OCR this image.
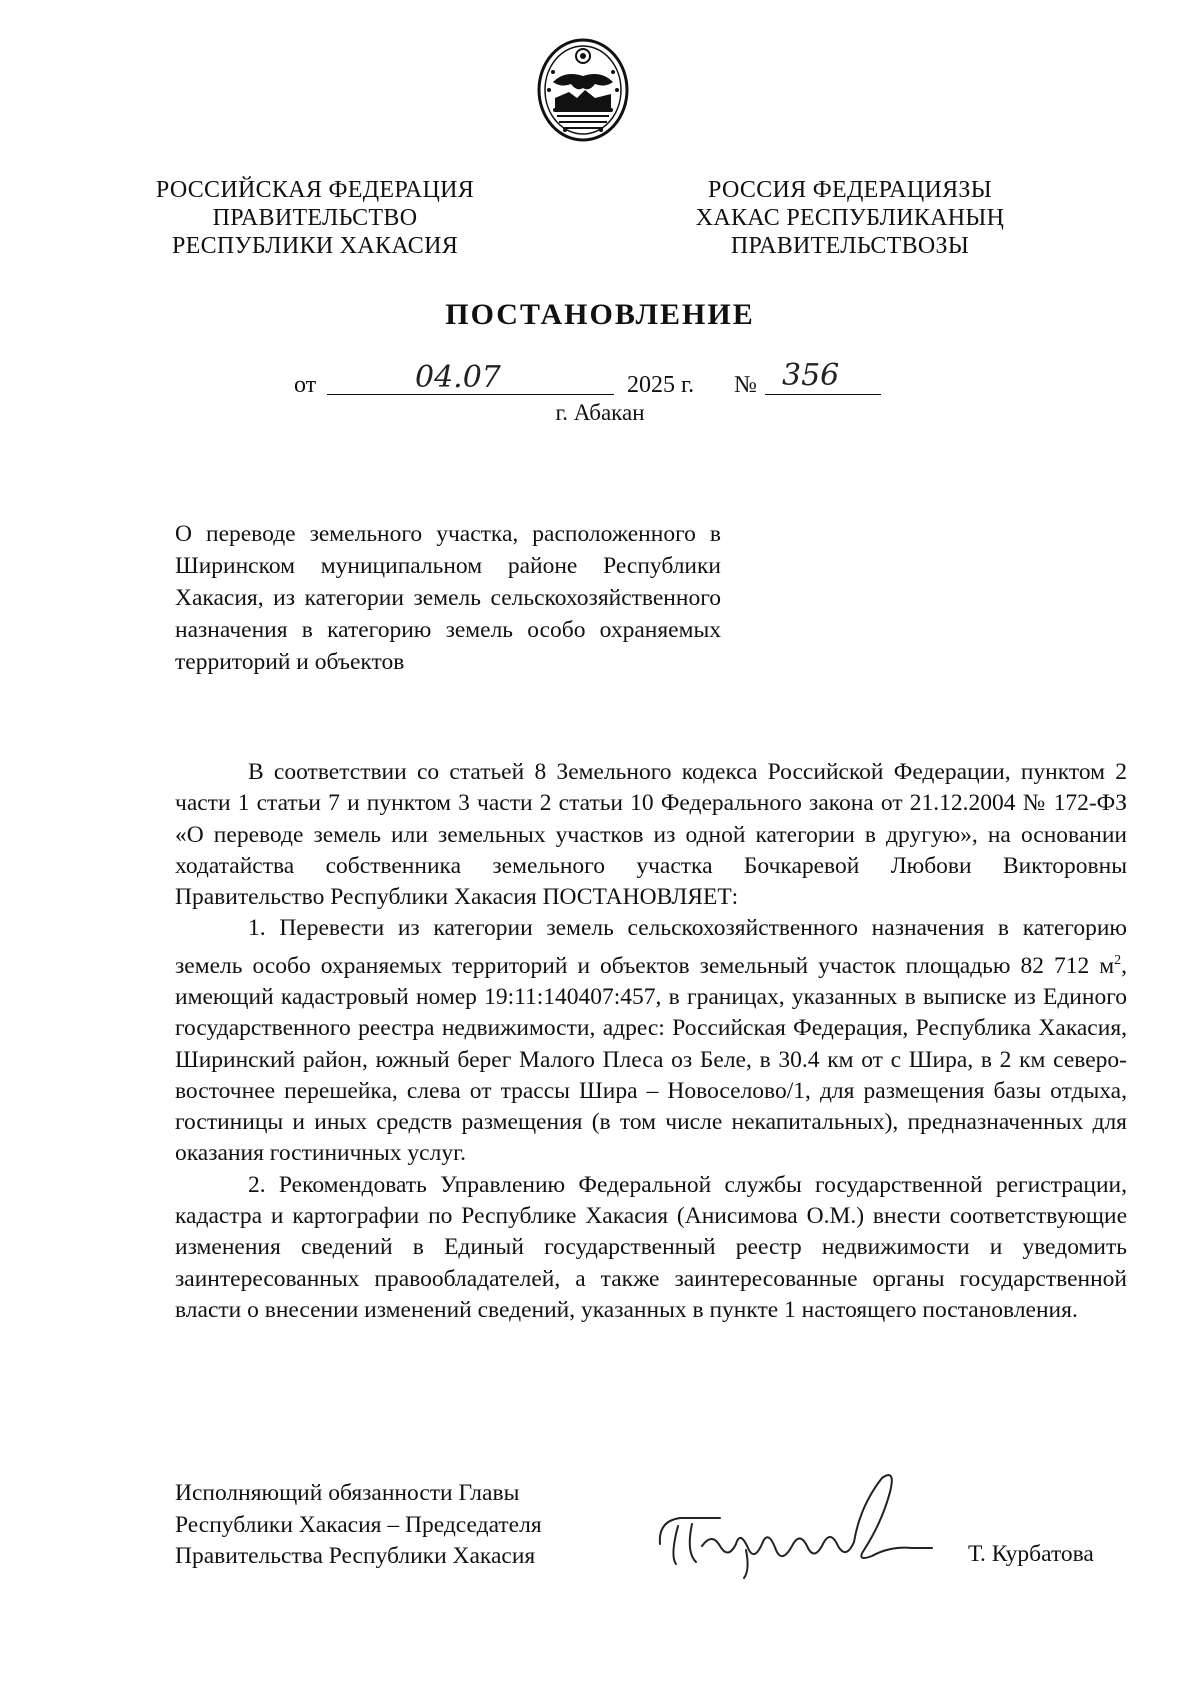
РОССИЙСКАЯ ФЕДЕРАЦИЯ
ПРАВИТЕЛЬСТВО
РЕСПУБЛИКИ ХАКАСИЯ
РОССИЯ ФЕДЕРАЦИЯЗЫ
ХАКАС РЕСПУБЛИКАНЫҢ
ПРАВИТЕЛЬСТВОЗЫ
ПОСТАНОВЛЕНИЕ
от	04.07	2025 г. № 356
г. Абакан
О переводе земельного участка, расположенного в Ширинском муниципальном районе Республики Хакасия, из категории земель сельскохозяйственного назначения в категорию земель особо охраняемых территорий и объектов

В соответствии со статьей 8 Земельного кодекса Российской Федерации, пунктом 2 части 1 статьи 7 и пунктом 3 части 2 статьи 10 Федерального закона от 21.12.2004 № 172-ФЗ «О переводе земель или земельных участков из одной категории в другую», на основании ходатайства собственника земельного участка Бочкаревой Любови Викторовны Правительство Республики Хакасия ПОСТАНОВЛЯЕТ:

1. Перевести из категории земель сельскохозяйственного назначения в категорию земель особо охраняемых территорий и объектов земельный участок площадью 82 712 $м^2$, имеющий кадастровый номер 19:11:140407:457, в границах, указанных в выписке из Единого государственного реестра недвижимости, адрес: Российская Федерация, Республика Хакасия, Ширинский район, южный берег Малого Плеса оз Беле, в 30.4 км от с Шира, в 2 км северо-восточнее перешейка, слева от трассы Шира – Новоселово/1, для размещения базы отдыха, гостиницы и иных средств размещения (в том числе некапитальных), предназначенных для оказания гостиничных услуг.

2. Рекомендовать Управлению Федеральной службы государственной регистрации, кадастра и картографии по Республике Хакасия (Анисимова О.М.) внести соответствующие изменения сведений в Единый государственный реестр недвижимости и уведомить заинтересованных правообладателей, а также заинтересованные органы государственной власти о внесении изменений сведений, указанных в пункте 1 настоящего постановления.

Исполняющий обязанности Главы
Республики Хакасия – Председателя
Правительства Республики Хакасия	Т. Курбатова
